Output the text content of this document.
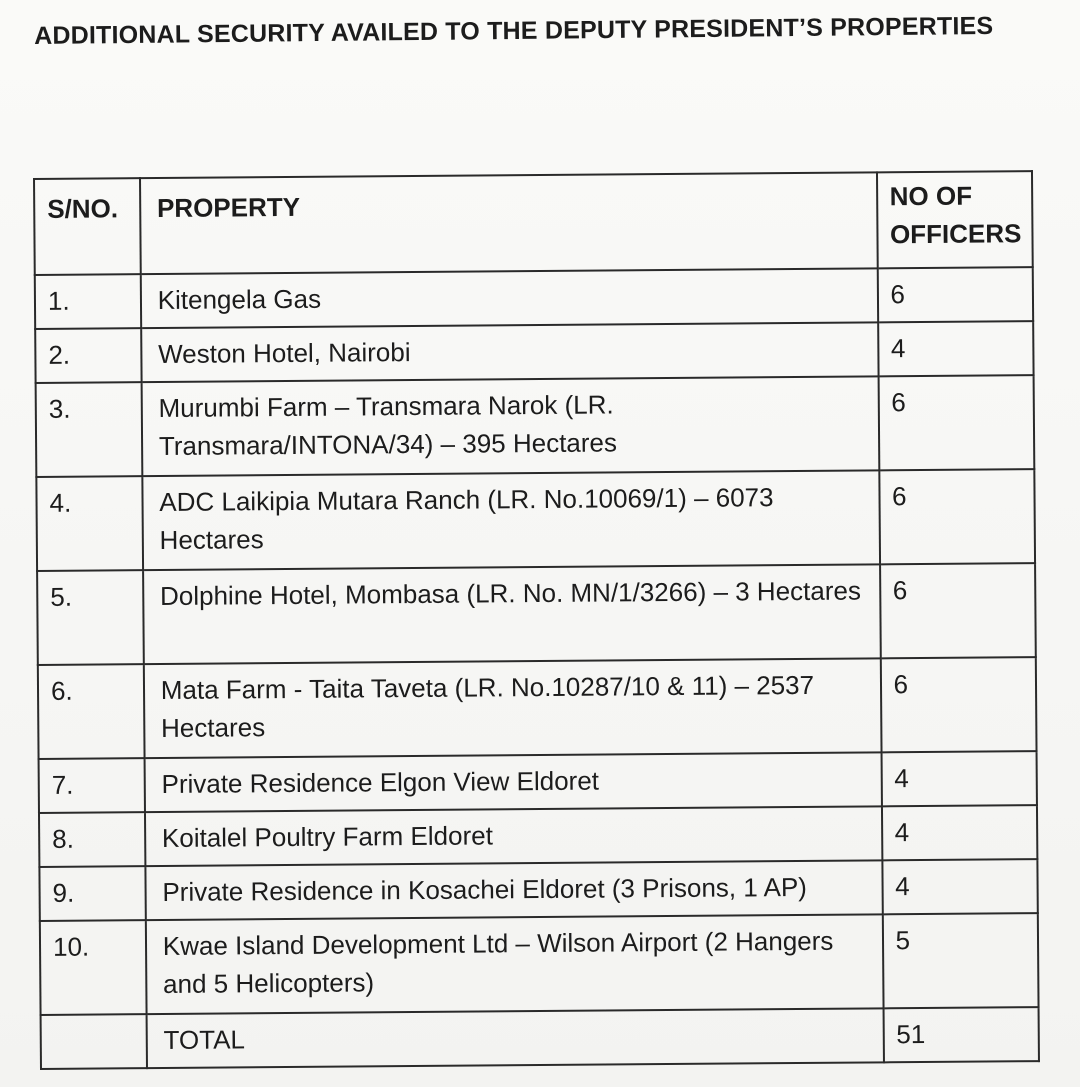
ADDITIONAL SECURITY AVAILED TO THE DEPUTY PRESIDENT’S PROPERTIES
S/NO.	PROPERTY	NO OF
OFFICERS

1.	Kitengela Gas	6
2.	Weston Hotel, Nairobi	4
3.	Murumbi Farm – Transmara Narok (LR. Transmara/INTONA/34) – 395 Hectares	6
4.	ADC Laikipia Mutara Ranch (LR. No.10069/1) – 6073 Hectares	6
5.	Dolphine Hotel, Mombasa (LR. No. MN/1/3266) – 3 Hectares	6
6.	Mata Farm - Taita Taveta (LR. No.10287/10 & 11) – 2537 Hectares	6
7.	Private Residence Elgon View Eldoret	4
8.	Koitalel Poultry Farm Eldoret	4
9.	Private Residence in Kosachei Eldoret (3 Prisons, 1 AP)	4
10.	Kwae Island Development Ltd – Wilson Airport (2 Hangers and 5 Helicopters)	5
	TOTAL	51
